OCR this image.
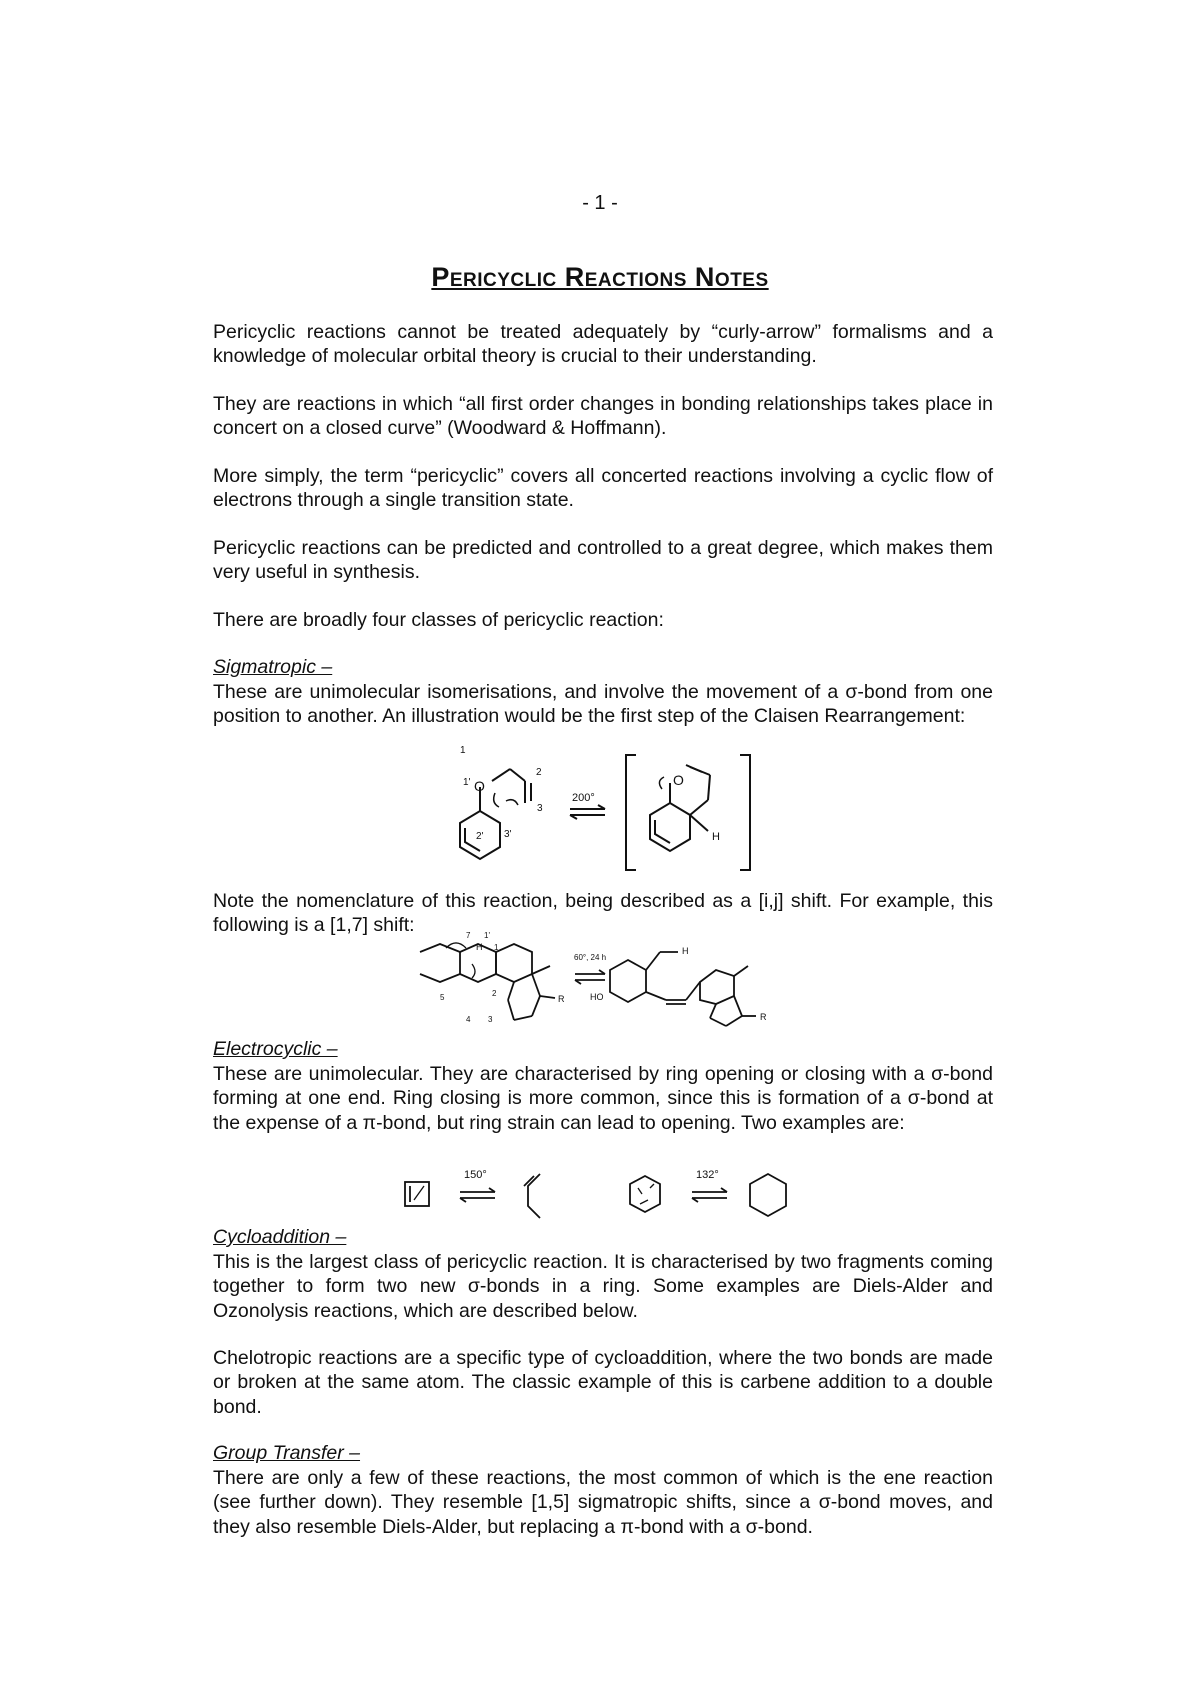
- 1 -
Pericyclic Reactions Notes

Pericyclic reactions cannot be treated adequately by “curly-arrow” formalisms and a knowledge of molecular orbital theory is crucial to their understanding.

They are reactions in which “all first order changes in bonding relationships takes place in concert on a closed curve” (Woodward & Hoffmann).

More simply, the term “pericyclic” covers all concerted reactions involving a cyclic flow of electrons through a single transition state.

Pericyclic reactions can be predicted and controlled to a great degree, which makes them very useful in synthesis.

There are broadly four classes of pericyclic reaction:

Sigmatropic –

These are unimolecular isomerisations, and involve the movement of a σ-bond from one position to another. An illustration would be the first step of the Claisen Rearrangement:

1
1' O
2
3
2' 3'
200°
O
H

Note the nomenclature of this reaction, being described as a [i,j] shift. For example, this following is a [1,7] shift:	7 1'
H 1
5	2
4 3
R
60°, 24 h
HO
H
R

Electrocyclic –

These are unimolecular. They are characterised by ring opening or closing with a σ-bond forming at one end. Ring closing is more common, since this is formation of a σ-bond at the expense of a π-bond, but ring strain can lead to opening. Two examples are:

150°	132°

Cycloaddition –

This is the largest class of pericyclic reaction. It is characterised by two fragments coming together to form two new σ-bonds in a ring. Some examples are Diels-Alder and Ozonolysis reactions, which are described below.

Chelotropic reactions are a specific type of cycloaddition, where the two bonds are made or broken at the same atom. The classic example of this is carbene addition to a double bond.

Group Transfer –

There are only a few of these reactions, the most common of which is the ene reaction (see further down). They resemble [1,5] sigmatropic shifts, since a σ-bond moves, and they also resemble Diels-Alder, but replacing a π-bond with a σ-bond.
